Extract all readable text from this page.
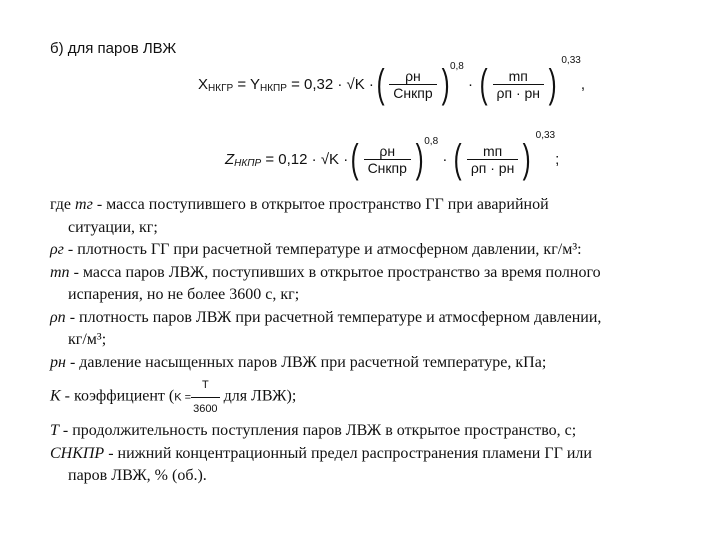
б) для паров ЛВЖ
X НКГР
= Y НКПР
= 0,32 · √K · ( $\frac{\rho н}{\text{Cнкпр}}$ ) 0,8

·
( $\frac{mп}{\rho п \cdot pн}$ )
0,33
,
Z НКПР
= 0,12 · √K · ( $\frac{\rho н}{\text{Cнкпр}}$ ) 0,8

·
( $\frac{mп}{\rho п \cdot pн}$ )
0,33
;
где mг - масса поступившего в открытое пространство ГГ при аварийной
ситуации, кг;
ρг - плотность ГГ при расчетной температуре и атмосферном давлении, кг/м³:
mп - масса паров ЛВЖ, поступивших в открытое пространство за время полного
испарения, но не более 3600 с, кг;
ρп - плотность паров ЛВЖ при расчетной температуре и атмосферном давлении,
кг/м³;
pн - давление насыщенных паров ЛВЖ при расчетной температуре, кПа;
K - коэффициент ($K = \frac{T}{3600}$ для ЛВЖ);
T - продолжительность поступления паров ЛВЖ в открытое пространство, с;
CНКПР - нижний концентрационный предел распространения пламени ГГ или
паров ЛВЖ, % (об.).
